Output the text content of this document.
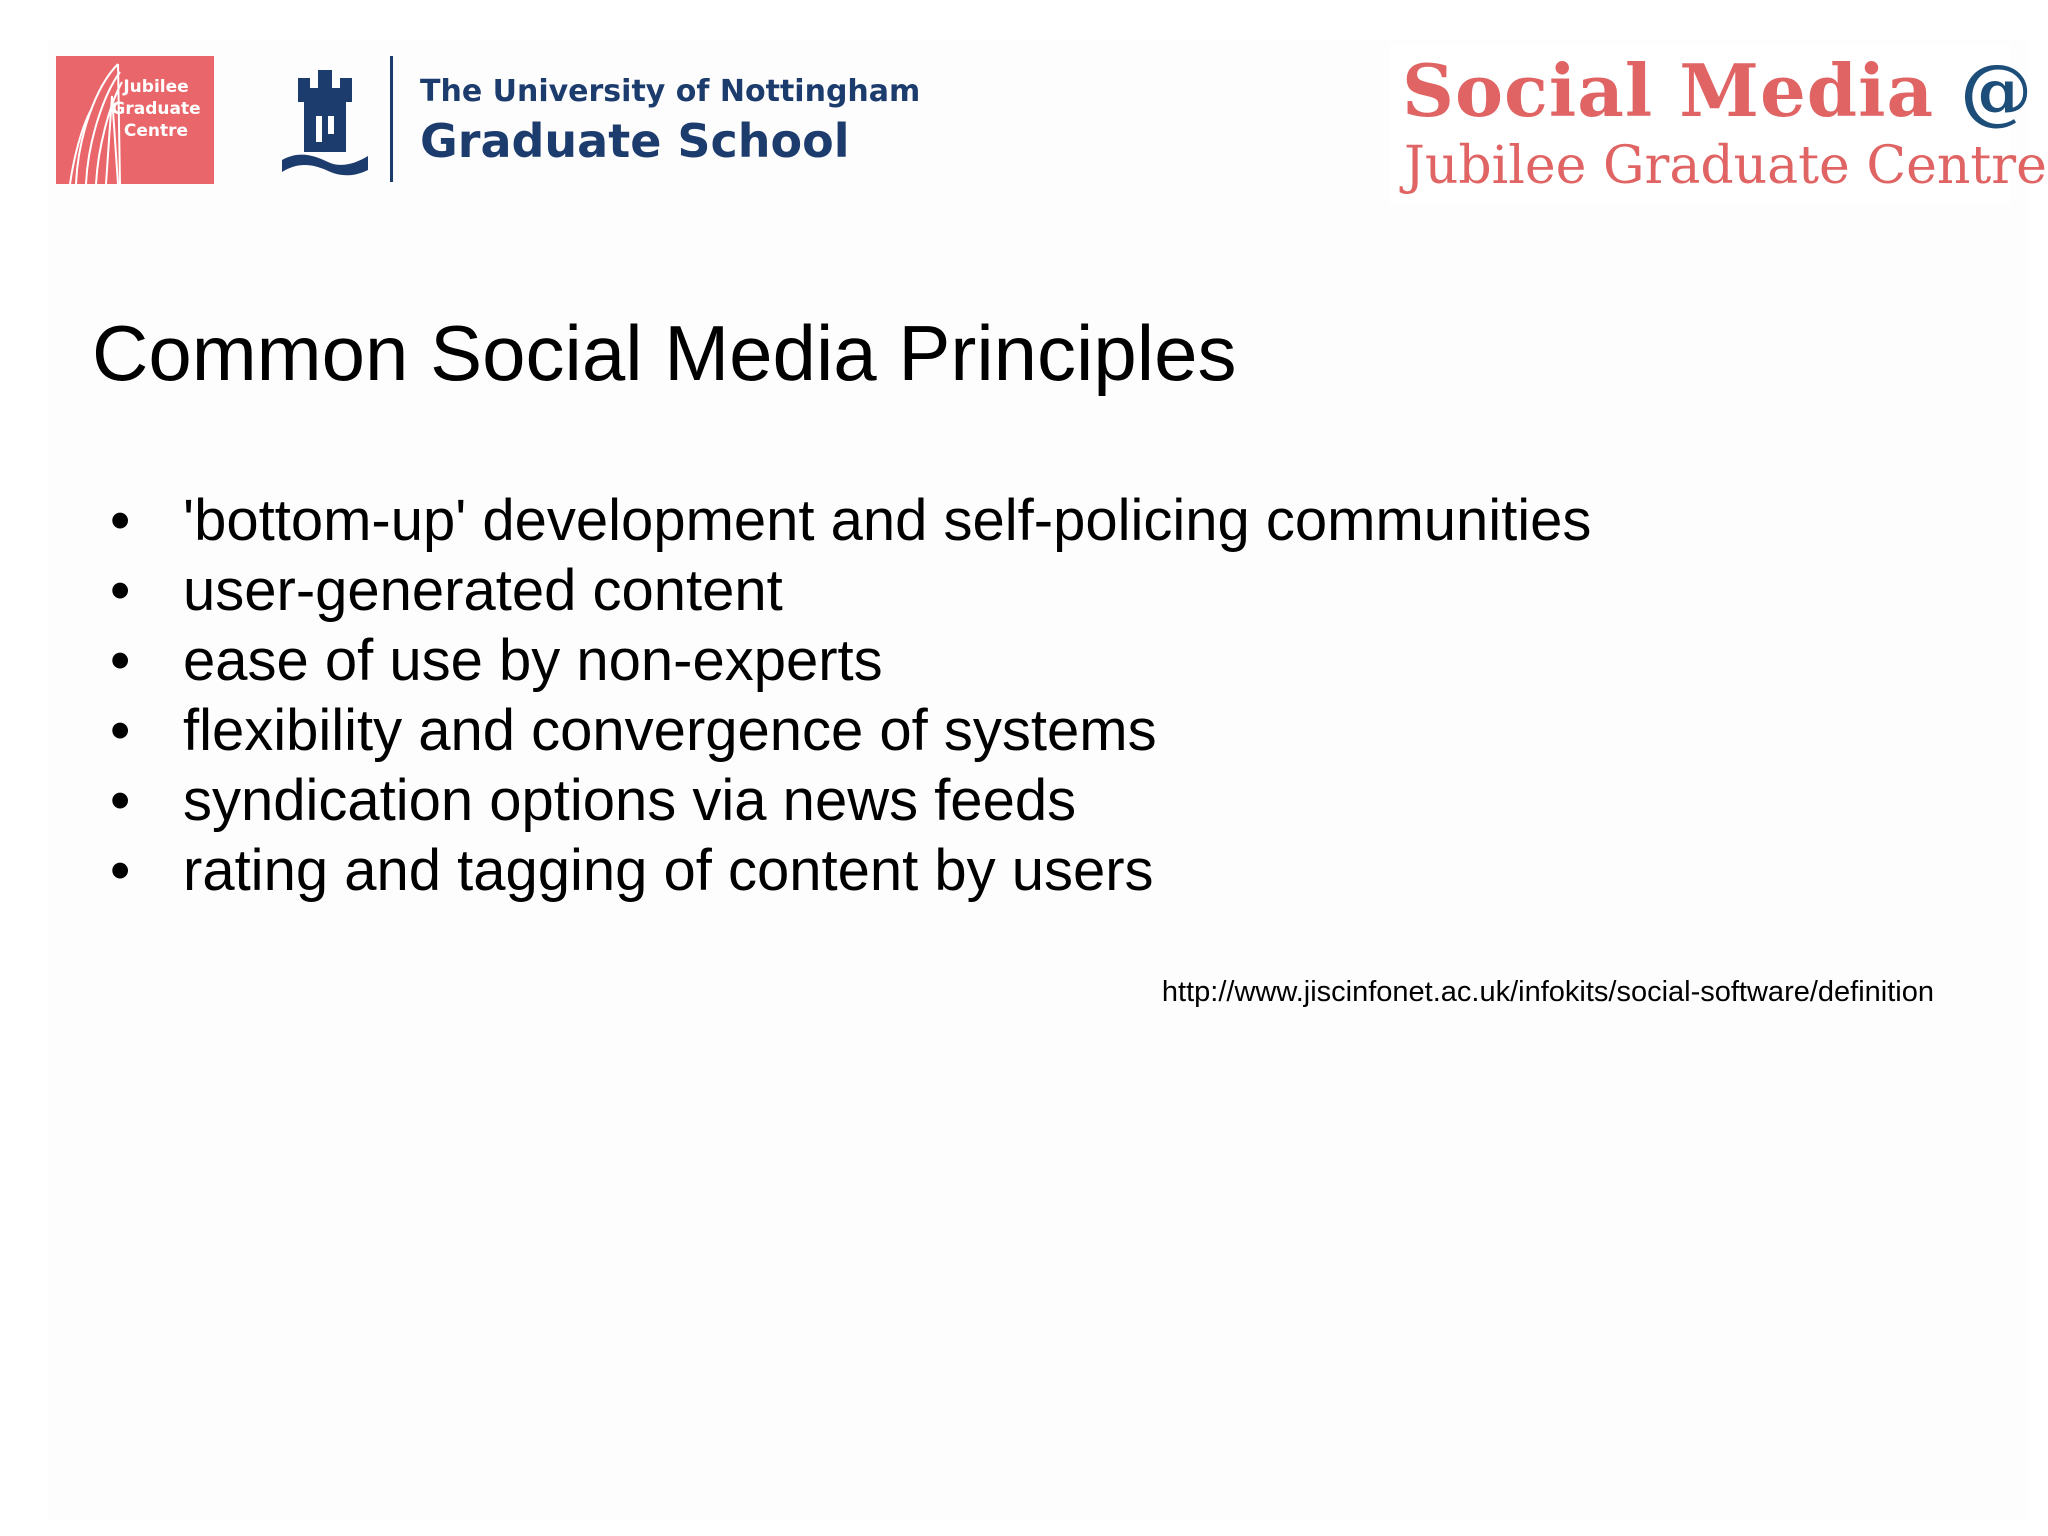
Jubilee
Graduate
Centre
The University of Nottingham
Graduate School
Social Media @
Jubilee Graduate Centre
Common Social Media Principles
• 'bottom-up' development and self-policing communities
• user-generated content
• ease of use by non-experts
• flexibility and convergence of systems
• syndication options via news feeds
• rating and tagging of content by users
http://www.jiscinfonet.ac.uk/infokits/social-software/definition
